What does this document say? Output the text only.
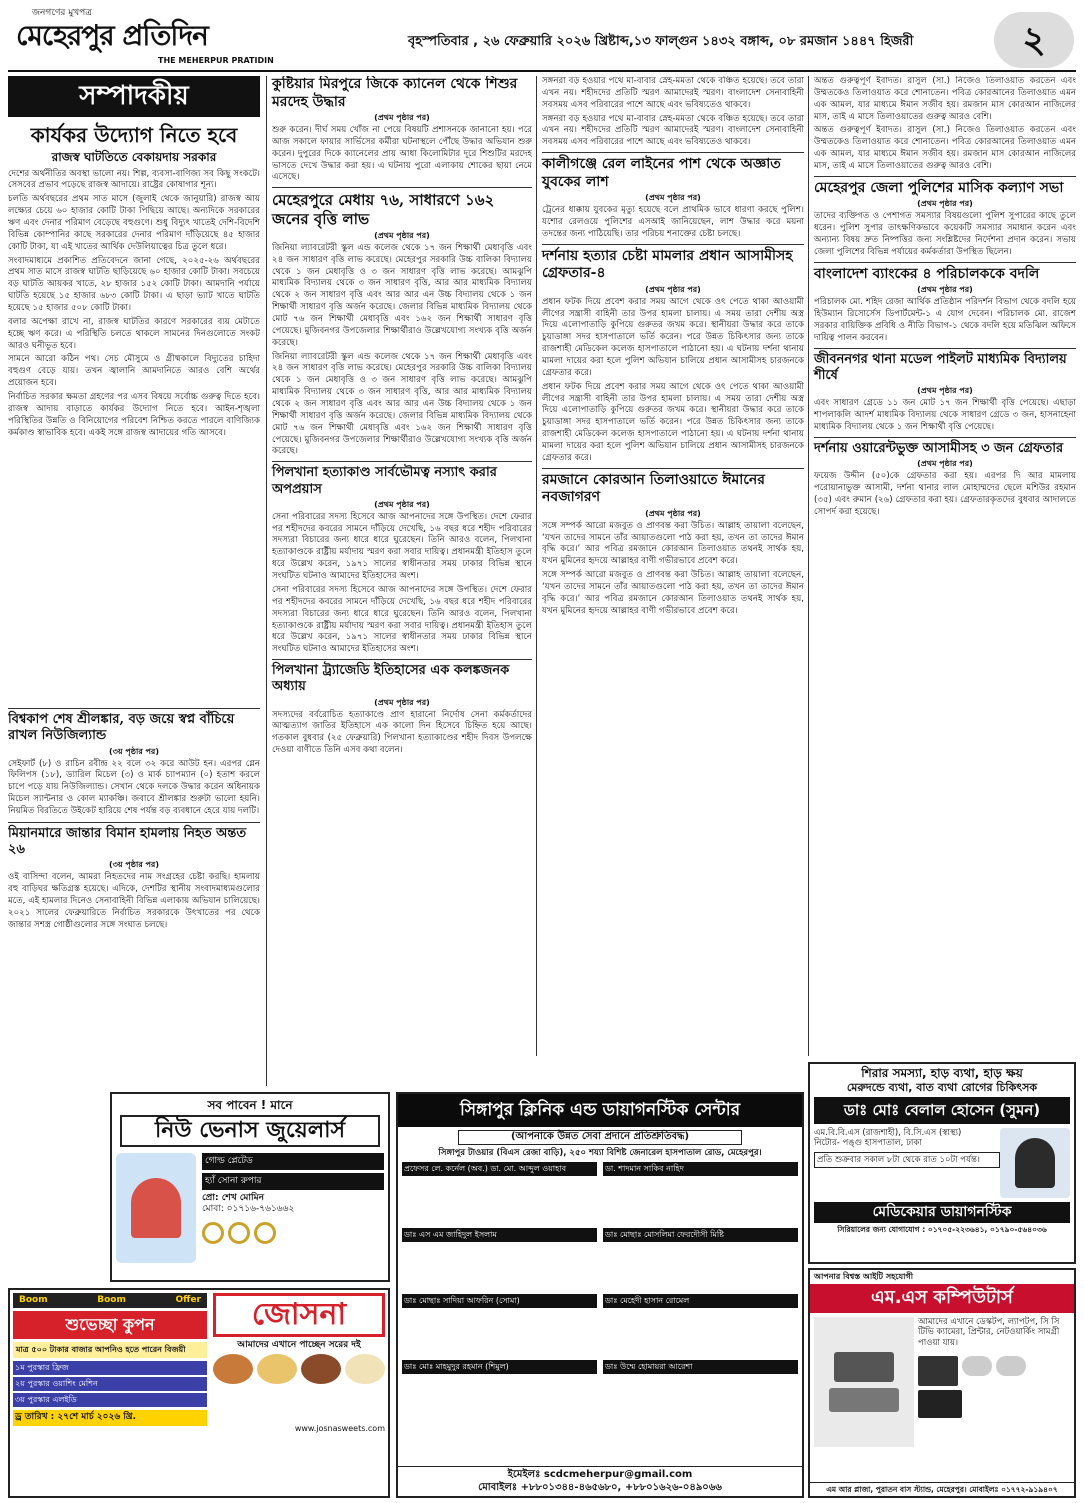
জনগণের মুখপত্র
মেহেরপুর প্রতিদিন
THE MEHERPUR PRATIDIN
বৃহস্পতিবার , ২৬ ফেব্রুয়ারি ২০২৬ খ্রিষ্টাব্দ,১৩ ফাল্গুন ১৪৩২ বঙ্গাব্দ, ০৮ রমজান ১৪৪৭ হিজরী	২
সম্পাদকীয়
কার্যকর উদ্যোগ নিতে হবে
রাজস্ব ঘাটতিতে বেকায়দায় সরকার
দেশের অর্থনীতির অবস্থা ভালো নয়। শিল্প, ব্যবসা-বাণিজ্য সব কিছু সংকটে। সেসবের প্রভাব পড়েছে রাজস্ব আদায়ে। রাষ্ট্রের কোষাগার শূন্য।
চলতি অর্থবছরের প্রথম সাত মাসে (জুলাই থেকে জানুয়ারি) রাজস্ব আয় লক্ষ্যের চেয়ে ৬০ হাজার কোটি টাকা পিছিয়ে আছে। অন্যদিকে সরকারের ঋণ এবং দেনার পরিমাণ বেড়েছে বহুগুণে। শুধু বিদ্যুৎ খাতেই দেশি-বিদেশি বিভিন্ন কোম্পানির কাছে সরকারের দেনার পরিমাণ দাঁড়িয়েছে ৪৫ হাজার কোটি টাকা, যা এই খাতের আর্থিক দেউলিয়াত্বের চিত্র তুলে ধরে।
সংবাদমাধ্যমে প্রকাশিত প্রতিবেদনে জানা গেছে, ২০২৫-২৬ অর্থবছরের প্রথম সাত মাসে রাজস্ব ঘাটতি ছাড়িয়েছে ৬০ হাজার কোটি টাকা। সবচেয়ে বড় ঘাটতি আয়কর খাতে, ২৮ হাজার ১৫২ কোটি টাকা। আমদানি পর্যায়ে ঘাটতি হয়েছে ১৫ হাজার ৬৮৩ কোটি টাকা। এ ছাড়া ভ্যাট খাতে ঘাটতি হয়েছে ১৫ হাজার ৫০৮ কোটি টাকা।
বলার অপেক্ষা রাখে না, রাজস্ব ঘাটতির কারণে সরকারের ব্যয় মেটাতে হচ্ছে ঋণ করে। এ পরিস্থিতি চলতে থাকলে সামনের দিনগুলোতে সংকট আরও ঘনীভূত হবে।
সামনে আরো কঠিন পথ। সেচ মৌসুমে ও গ্রীষ্মকালে বিদ্যুতের চাহিদা বহুগুণ বেড়ে যায়। তখন জ্বালানি আমদানিতে আরও বেশি অর্থের প্রয়োজন হবে।
নির্বাচিত সরকার ক্ষমতা গ্রহণের পর এসব বিষয়ে সর্বোচ্চ গুরুত্ব দিতে হবে। রাজস্ব আদায় বাড়াতে কার্যকর উদ্যোগ নিতে হবে। আইন-শৃঙ্খলা পরিস্থিতির উন্নতি ও বিনিয়োগের পরিবেশ নিশ্চিত করতে পারলে বাণিজ্যিক কর্মকাণ্ড স্বাভাবিক হবে। একই সঙ্গে রাজস্ব আদায়ের গতি আসবে।
বিশ্বকাপ শেষ শ্রীলঙ্কার, বড় জয়ে স্বপ্ন বাঁচিয়ে রাখল নিউজিল্যান্ড
(৩য় পৃষ্ঠার পর)
সেইফার্ট (৮) ও রাচিন রবীন্দ্র ২২ বলে ৩২ করে আউট হন। এরপর গ্লেন ফিলিপস (১৮), ড্যারিল মিচেল (৩) ও মার্ক চ্যাপম্যান (০) হতাশ করলে চাপে পড়ে যায় নিউজিল্যান্ড। সেখান থেকে দলকে উদ্ধার করেন অধিনায়ক মিচেল স্যান্টনার ও কোল ম্যাকঞ্চি। জবাবে শ্রীলঙ্কার শুরুটা ভালো হয়নি। নিয়মিত বিরতিতে উইকেট হারিয়ে শেষ পর্যন্ত বড় ব্যবধানে হেরে যায় দলটি।
মিয়ানমারে জান্তার বিমান হামলায় নিহত অন্তত ২৬
(৩য় পৃষ্ঠার পর)
ওই বাসিন্দা বলেন, আমরা নিহতদের নাম সংগ্রহের চেষ্টা করছি। হামলায় বহু বাড়িঘর ক্ষতিগ্রস্ত হয়েছে। এদিকে, দেশটির স্থানীয় সংবাদমাধ্যমগুলোর মতে, এই হামলার দিনেও সেনাবাহিনী বিভিন্ন এলাকায় অভিযান চালিয়েছে। ২০২১ সালের ফেব্রুয়ারিতে নির্বাচিত সরকারকে উৎখাতের পর থেকে জান্তার সশস্ত্র গোষ্ঠীগুলোর সঙ্গে সংঘাত চলছে।
কুষ্টিয়ার মিরপুরে জিকে ক্যানেল থেকে শিশুর মরদেহ উদ্ধার
(প্রথম পৃষ্ঠার পর)
শুরু করেন। দীর্ঘ সময় খোঁজ না পেয়ে বিষয়টি প্রশাসনকে জানানো হয়। পরে আজ সকালে ফায়ার সার্ভিসের কর্মীরা ঘটনাস্থলে পৌঁছে উদ্ধার অভিযান শুরু করেন। দুপুরের দিকে ক্যানেলের প্রায় আধা কিলোমিটার দূরে শিশুটির মরদেহ ভাসতে দেখে উদ্ধার করা হয়। এ ঘটনায় পুরো এলাকায় শোকের ছায়া নেমে এসেছে।
মেহেরপুরে মেধায় ৭৬, সাধারণে ১৬২ জনের বৃত্তি লাভ
(প্রথম পৃষ্ঠার পর)
জিনিয়া ল্যাবরেটরী স্কুল এন্ড কলেজ থেকে ১৭ জন শিক্ষার্থী মেধাবৃত্তি এবং ২৪ জন সাধারণ বৃত্তি লাভ করেছে। মেহেরপুর সরকারি উচ্চ বালিকা বিদ্যালয় থেকে ১ জন মেধাবৃত্তি ও ৩ জন সাধারণ বৃত্তি লাভ করেছে। আমঝুপি মাধ্যমিক বিদ্যালয় থেকে ৩ জন সাধারণ বৃত্তি, আর আর মাধ্যমিক বিদ্যালয় থেকে ২ জন সাধারণ বৃত্তি এবং আর আর এন উচ্চ বিদ্যালয় থেকে ১ জন শিক্ষার্থী সাধারণ বৃত্তি অর্জন করেছে। জেলার বিভিন্ন মাধ্যমিক বিদ্যালয় থেকে মোট ৭৬ জন শিক্ষার্থী মেধাবৃত্তি এবং ১৬২ জন শিক্ষার্থী সাধারণ বৃত্তি পেয়েছে। মুজিবনগর উপজেলার শিক্ষার্থীরাও উল্লেখযোগ্য সংখ্যক বৃত্তি অর্জন করেছে।
জিনিয়া ল্যাবরেটরী স্কুল এন্ড কলেজ থেকে ১৭ জন শিক্ষার্থী মেধাবৃত্তি এবং ২৪ জন সাধারণ বৃত্তি লাভ করেছে। মেহেরপুর সরকারি উচ্চ বালিকা বিদ্যালয় থেকে ১ জন মেধাবৃত্তি ও ৩ জন সাধারণ বৃত্তি লাভ করেছে। আমঝুপি মাধ্যমিক বিদ্যালয় থেকে ৩ জন সাধারণ বৃত্তি, আর আর মাধ্যমিক বিদ্যালয় থেকে ২ জন সাধারণ বৃত্তি এবং আর আর এন উচ্চ বিদ্যালয় থেকে ১ জন শিক্ষার্থী সাধারণ বৃত্তি অর্জন করেছে। জেলার বিভিন্ন মাধ্যমিক বিদ্যালয় থেকে মোট ৭৬ জন শিক্ষার্থী মেধাবৃত্তি এবং ১৬২ জন শিক্ষার্থী সাধারণ বৃত্তি পেয়েছে। মুজিবনগর উপজেলার শিক্ষার্থীরাও উল্লেখযোগ্য সংখ্যক বৃত্তি অর্জন করেছে।
পিলখানা হত্যাকাণ্ড সার্বভৌমত্ব নস্যাৎ করার অপপ্রয়াস
(প্রথম পৃষ্ঠার পর)
সেনা পরিবারের সদস্য হিসেবে আজ আপনাদের সঙ্গে উপস্থিত। দেশে ফেরার পর শহীদদের কবরের সামনে দাঁড়িয়ে দেখেছি, ১৬ বছর ধরে শহীদ পরিবারের সদস্যরা বিচারের জন্য ধারে ধারে ঘুরেছেন। তিনি আরও বলেন, পিলখানা হত্যাকাণ্ডকে রাষ্ট্রীয় মর্যাদায় স্মরণ করা সবার দায়িত্ব। প্রধানমন্ত্রী ইতিহাস তুলে ধরে উল্লেখ করেন, ১৯৭১ সালের স্বাধীনতার সময় ঢাকার বিভিন্ন স্থানে সংঘটিত ঘটনাও আমাদের ইতিহাসের অংশ।
সেনা পরিবারের সদস্য হিসেবে আজ আপনাদের সঙ্গে উপস্থিত। দেশে ফেরার পর শহীদদের কবরের সামনে দাঁড়িয়ে দেখেছি, ১৬ বছর ধরে শহীদ পরিবারের সদস্যরা বিচারের জন্য ধারে ধারে ঘুরেছেন। তিনি আরও বলেন, পিলখানা হত্যাকাণ্ডকে রাষ্ট্রীয় মর্যাদায় স্মরণ করা সবার দায়িত্ব। প্রধানমন্ত্রী ইতিহাস তুলে ধরে উল্লেখ করেন, ১৯৭১ সালের স্বাধীনতার সময় ঢাকার বিভিন্ন স্থানে সংঘটিত ঘটনাও আমাদের ইতিহাসের অংশ।
পিলখানা ট্র্যাজেডি ইতিহাসের এক কলঙ্কজনক অধ্যায়
(প্রথম পৃষ্ঠার পর)
সদস্যদের বর্বরোচিত হত্যাকাণ্ডে প্রাণ হারানো নির্দোষ সেনা কর্মকর্তাদের আত্মত্যাগ জাতির ইতিহাসে এক কালো দিন হিসেবে চিহ্নিত হয়ে আছে। গতকাল বুধবার (২৫ ফেব্রুয়ারি) পিলখানা হত্যাকাণ্ডের শহীদ দিবস উপলক্ষে দেওয়া বাণীতে তিনি এসব কথা বলেন।
সঙ্গনরা বড় হওয়ার পথে মা-বাবার স্নেহ-মমতা থেকে বঞ্চিত হয়েছে। তবে তারা এখন নয়। শহীদদের প্রতিটি স্মরণ আমাদেরই স্মরণ। বাংলাদেশ সেনাবাহিনী সবসময় এসব পরিবারের পাশে আছে এবং ভবিষ্যতেও থাকবে।
সঙ্গনরা বড় হওয়ার পথে মা-বাবার স্নেহ-মমতা থেকে বঞ্চিত হয়েছে। তবে তারা এখন নয়। শহীদদের প্রতিটি স্মরণ আমাদেরই স্মরণ। বাংলাদেশ সেনাবাহিনী সবসময় এসব পরিবারের পাশে আছে এবং ভবিষ্যতেও থাকবে।
কালীগঞ্জে রেল লাইনের পাশ থেকে অজ্ঞাত যুবকের লাশ
(প্রথম পৃষ্ঠার পর)
ট্রেনের ধাক্কায় যুবকের মৃত্যু হয়েছে বলে প্রাথমিক ভাবে ধারণা করছে পুলিশ। যশোর রেলওয়ে পুলিশের এসআই জানিয়েছেন, লাশ উদ্ধার করে ময়না তদন্তের জন্য পাঠিয়েছি। তার পরিচয় শনাক্তের চেষ্টা চলছে।
দর্শনায় হত্যার চেষ্টা মামলার প্রধান আসামীসহ গ্রেফতার-৪
(প্রথম পৃষ্ঠার পর)
প্রধান ফটক দিয়ে প্রবেশ করার সময় আগে থেকে ওৎ পেতে থাকা আওয়ামী লীগের সন্ত্রাসী বাহিনী তার উপর হামলা চালায়। এ সময় তারা দেশীয় অস্ত্র দিয়ে এলোপাতাড়ি কুপিয়ে গুরুতর জখম করে। স্থানীয়রা উদ্ধার করে তাকে চুয়াডাঙ্গা সদর হাসপাতালে ভর্তি করেন। পরে উন্নত চিকিৎসার জন্য তাকে রাজশাহী মেডিকেল কলেজ হাসপাতালে পাঠানো হয়। এ ঘটনায় দর্শনা থানায় মামলা দায়ের করা হলে পুলিশ অভিযান চালিয়ে প্রধান আসামীসহ চারজনকে গ্রেফতার করে।
প্রধান ফটক দিয়ে প্রবেশ করার সময় আগে থেকে ওৎ পেতে থাকা আওয়ামী লীগের সন্ত্রাসী বাহিনী তার উপর হামলা চালায়। এ সময় তারা দেশীয় অস্ত্র দিয়ে এলোপাতাড়ি কুপিয়ে গুরুতর জখম করে। স্থানীয়রা উদ্ধার করে তাকে চুয়াডাঙ্গা সদর হাসপাতালে ভর্তি করেন। পরে উন্নত চিকিৎসার জন্য তাকে রাজশাহী মেডিকেল কলেজ হাসপাতালে পাঠানো হয়। এ ঘটনায় দর্শনা থানায় মামলা দায়ের করা হলে পুলিশ অভিযান চালিয়ে প্রধান আসামীসহ চারজনকে গ্রেফতার করে।
রমজানে কোরআন তিলাওয়াতে ঈমানের নবজাগরণ
(প্রথম পৃষ্ঠার পর)
সঙ্গে সম্পর্ক আরো মজবুত ও প্রাণবন্ত করা উচিত। আল্লাহ তায়ালা বলেছেন, ‘যখন তাদের সামনে তাঁর আয়াতগুলো পাঠ করা হয়, তখন তা তাদের ঈমান বৃদ্ধি করে।’ আর পবিত্র রমজানে কোরআন তিলাওয়াত তথনই সার্থক হয়, যখন মুমিনের হৃদয়ে আল্লাহর বাণী গভীরভাবে প্রবেশ করে।
সঙ্গে সম্পর্ক আরো মজবুত ও প্রাণবন্ত করা উচিত। আল্লাহ তায়ালা বলেছেন, ‘যখন তাদের সামনে তাঁর আয়াতগুলো পাঠ করা হয়, তখন তা তাদের ঈমান বৃদ্ধি করে।’ আর পবিত্র রমজানে কোরআন তিলাওয়াত তথনই সার্থক হয়, যখন মুমিনের হৃদয়ে আল্লাহর বাণী গভীরভাবে প্রবেশ করে।
অন্তত গুরুত্বপূর্ণ ইবাদত। রাসুল (সা.) নিজেও তিলাওয়াত করতেন এবং উম্মতকেও তিলাওয়াত করে শোনাতেন। পবিত্র কোরআনের তিলাওয়াত এমন এক আমল, যার মাধ্যমে ঈমান সজীব হয়। রমজান মাস কোরআন নাজিলের মাস, তাই এ মাসে তিলাওয়াতের গুরুত্ব আরও বেশি।
অন্তত গুরুত্বপূর্ণ ইবাদত। রাসুল (সা.) নিজেও তিলাওয়াত করতেন এবং উম্মতকেও তিলাওয়াত করে শোনাতেন। পবিত্র কোরআনের তিলাওয়াত এমন এক আমল, যার মাধ্যমে ঈমান সজীব হয়। রমজান মাস কোরআন নাজিলের মাস, তাই এ মাসে তিলাওয়াতের গুরুত্ব আরও বেশি।
মেহেরপুর জেলা পুলিশের মাসিক কল্যাণ সভা
(প্রথম পৃষ্ঠার পর)
তাদের ব্যক্তিগত ও পেশাগত সমস্যার বিষয়গুলো পুলিশ সুপারের কাছে তুলে ধরেন। পুলিশ সুপার তাৎক্ষণিকভাবে কয়েকটি সমস্যার সমাধান করেন এবং অন্যান্য বিষয় দ্রুত নিষ্পত্তির জন্য সংশ্লিষ্টদের নির্দেশনা প্রদান করেন। সভায় জেলা পুলিশের বিভিন্ন পর্যায়ের কর্মকর্তারা উপস্থিত ছিলেন।
বাংলাদেশ ব্যাংকের ৪ পরিচালককে বদলি
(প্রথম পৃষ্ঠার পর)
পরিচালক মো. শহিদ রেজা আর্থিক প্রতিষ্ঠান পরিদর্শন বিভাগ থেকে বদলি হয়ে হিউম্যান রিসোর্সেস ডিপার্টমেন্ট-১ এ যোগ দেবেন। পরিচালক মো. রাজেশ সরকার বায়িক্তিক প্রবিধি ও নীতি বিভাগ-১ থেকে বদলি হয়ে মতিঝিল অফিসে দায়িত্ব পালন করবেন।
জীবননগর থানা মডেল পাইলট মাধ্যমিক বিদ্যালয় শীর্ষে
(প্রথম পৃষ্ঠার পর)
এবং সাধারণ গ্রেডে ১১ জন মোট ১৭ জন শিক্ষার্থী বৃত্তি পেয়েছে। এছাড়া শাপলাকলি আদর্শ মাধ্যমিক বিদ্যালয় থেকে সাধারণ গ্রেডে ৩ জন, হাসনাহেনা মাধ্যমিক বিদ্যালয় থেকে ১ জন শিক্ষার্থী বৃত্তি পেয়েছে।
দর্শনায় ওয়ারেন্টভুক্ত আসামীসহ ৩ জন গ্রেফতার
(প্রথম পৃষ্ঠার পর)
ফয়েজ উদ্দীন (৫০)কে গ্রেফতার করা হয়। এরপর দি আর মামলায় পরোয়ানাভুক্ত আসামী, দর্শনা থানার লাল মোহাম্মদের ছেলে মশিউর রহমান (৩৫) এবং রুমান (২৬) গ্রেফতার করা হয়। গ্রেফতারকৃতদের বুধবার আদালতে সোপর্দ করা হয়েছে।
সব পাবেন ! মানে
নিউ ভেনাস জুয়েলার্স
গোল্ড প্লেটেড
হ্যাঁ সোনা রুপার
প্রো: শেখ মোমিন
মোবা: ০১৭১৬-৭৬১৬৬২
Boom	Boom	Offer
শুভেচ্ছা কুপন
মাত্র ৫০০ টাকার বাজার আপনিও হতে পারেন বিজয়ী
১ম পুরস্কার ফ্রিজ
২য় পুরস্কার ওয়াশিং মেশিন
৩য় পুরস্কার এলইডি
ড্র তারিখ : ২৭শে মার্চ ২০২৬ খ্রি.
জোসনা
আমাদের এখানে পাচ্ছেন সরের দই
www.josnasweets.com
সিঙ্গাপুর ক্লিনিক এন্ড ডায়াগনস্টিক সেন্টার
(আপনাকে উন্নত সেবা প্রদানে প্রতিশ্রুতিবদ্ধ)
সিঙ্গাপুর টাওয়ার (বিএস রেজা বাড়ি), ২৫০ শয্যা বিশিষ্ট জেনারেল হাসপাতাল রোড, মেহেরপুর।
প্রফেসর লে. কর্নেল (অব.) ডা. মো. আব্দুল ওয়াহাব	ডা. শাদমান সাকিব নাহিদ
ডাঃ এস এম জাহিদুল ইসলাম	ডাঃ মোছাঃ মোসলিমা ফেরদৌসী মিষ্টি
ডাঃ মোছাঃ সাদিয়া আফরিন (সোমা)	ডাঃ মেহেদী হাসান রোমেল
ডাঃ মোঃ মাহমুদুর রহমান (শিমুল)	ডাঃ উম্মে হোমায়রা আরেশা
ইমেইলঃ scdcmeherpur@gmail.com
মোবাইলঃ +৮৮০১৩৪৪-৪৬৫৬৮০, +৮৮০১৬২৬-০৪৯০৬৬
শিরার সমস্যা, হাড় ব্যথা, হাড় ক্ষয়
মেরুদন্ডে ব্যথা, বাত ব্যথা রোগের চিকিৎসক
ডাঃ মোঃ বেলাল হোসেন (সুমন)
এম.বি.বি.এস (রাজশাহী), বি.সি.এস (স্বাস্থ্য)
নিটোর- পঙ্গু হাসপাতাল, ঢাকা
প্রতি শুক্রবার সকাল ৮টা থেকে রাত ১০টা পর্যন্ত।
মেডিকেয়ার ডায়াগনস্টিক
সিরিয়ালের জন্য যোগাযোগ : ০১৭০৫-২২৩৬৪১, ০১৭৯০-৫৬৪০৩৬
আপনার বিশ্বস্ত আইটি সহযোগী
এম.এস কম্পিউটার্স
আমাদের এখানে ডেস্কটপ, ল্যাপটপ, সি সি টিভি ক্যামেরা, প্রিন্টার, নেটওয়ার্কিং সামগ্রী পাওয়া যায়।
এম আর প্লাজা, পুরাতন বাস স্ট্যান্ড, মেহেরপুর। মোবাইলঃ ০১৭৭২-৯১৯৪০৭
